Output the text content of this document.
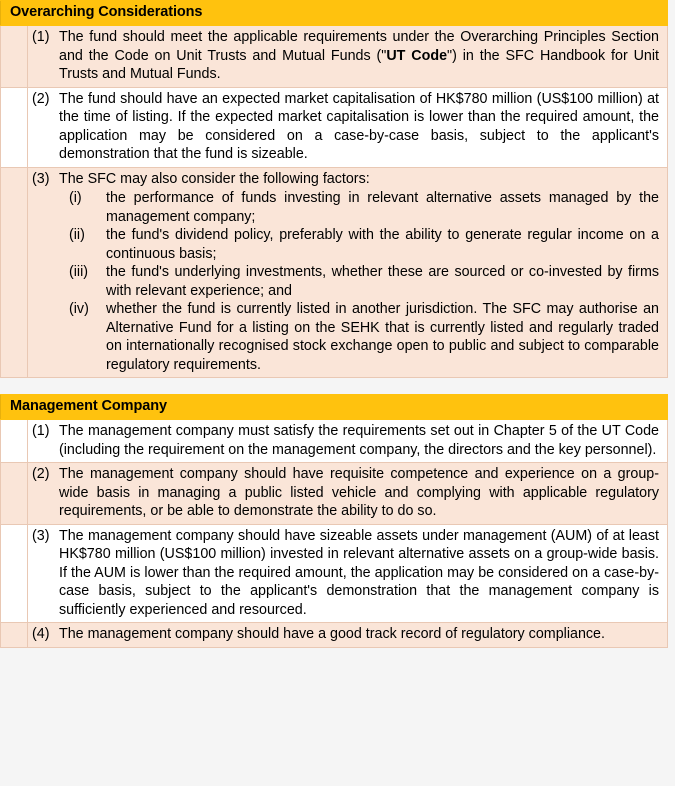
Overarching Considerations	

	(1) The fund should meet the applicable requirements under the Overarching Principles Section and the Code on Unit Trusts and Mutual Funds ("UT Code") in the SFC Handbook for Unit Trusts and Mutual Funds.

	(2) The fund should have an expected market capitalisation of HK$780 million (US$100 million) at the time of listing. If the expected market capitalisation is lower than the required amount, the application may be considered on a case-by-case basis, subject to the applicant's demonstration that the fund is sizeable.

(3) The SFC may also consider the following factors:
(i)	the performance of funds investing in relevant alternative assets managed by the management company;
(ii)	the fund's dividend policy, preferably with the ability to generate regular income on a continuous basis;
(iii)	the fund's underlying investments, whether these are sourced or co-invested by firms with relevant experience; and
(iv)	whether the fund is currently listed in another jurisdiction. The SFC may authorise an Alternative Fund for a listing on the SEHK that is currently listed and regularly traded on internationally recognised stock exchange open to public and subject to comparable regulatory requirements.
Management Company	

	(1) The management company must satisfy the requirements set out in Chapter 5 of the UT Code (including the requirement on the management company, the directors and the key personnel).

	(2) The management company should have requisite competence and experience on a group-wide basis in managing a public listed vehicle and complying with applicable regulatory requirements, or be able to demonstrate the ability to do so.

	(3) The management company should have sizeable assets under management (AUM) of at least HK$780 million (US$100 million) invested in relevant alternative assets on a group-wide basis. If the AUM is lower than the required amount, the application may be considered on a case-by-case basis, subject to the applicant's demonstration that the management company is sufficiently experienced and resourced.

	(4) The management company should have a good track record of regulatory compliance.
